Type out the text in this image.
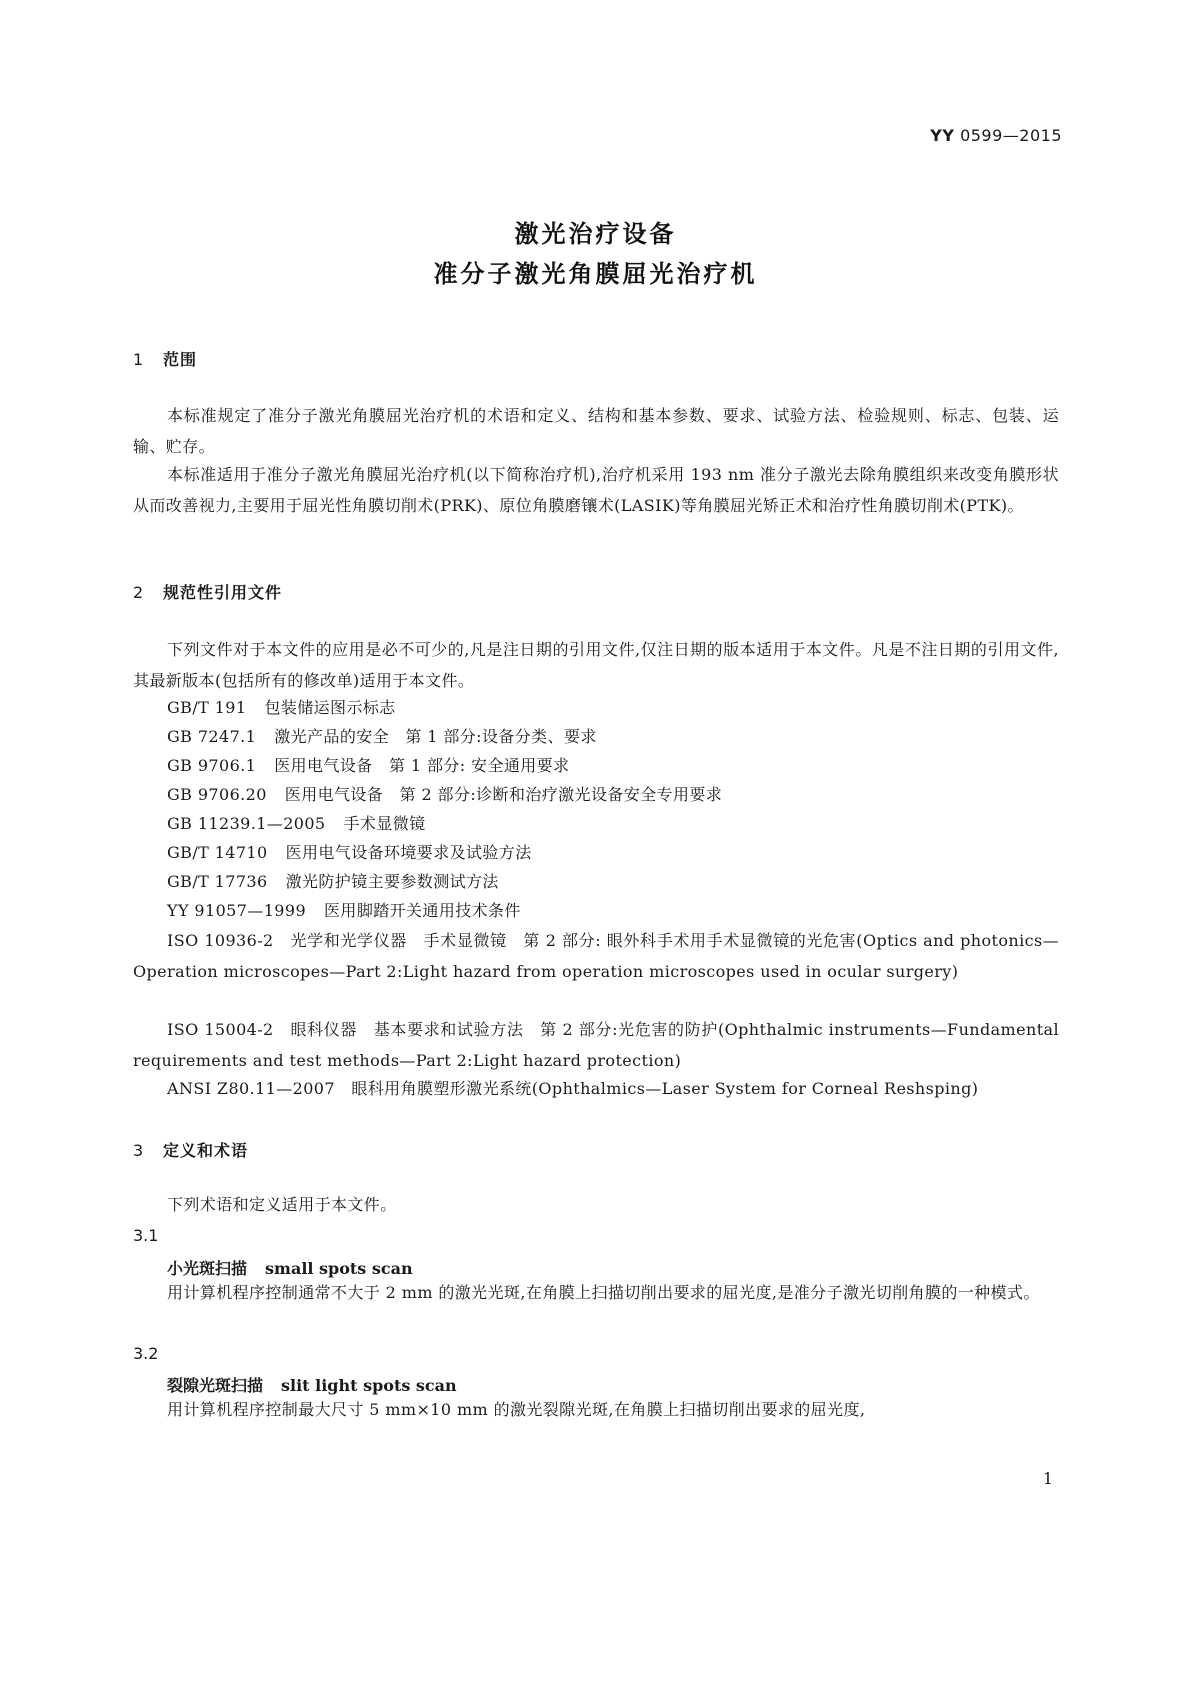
YY 0599—2015
激光治疗设备
准分子激光角膜屈光治疗机
1 范围
本标准规定了准分子激光角膜屈光治疗机的术语和定义、结构和基本参数、要求、试验方法、检验规则、标志、包装、运输、贮存。
本标准适用于准分子激光角膜屈光治疗机(以下简称治疗机),治疗机采用 193 nm 准分子激光去除角膜组织来改变角膜形状从而改善视力,主要用于屈光性角膜切削术(PRK)、原位角膜磨镶术(LASIK)等角膜屈光矫正术和治疗性角膜切削术(PTK)。
2 规范性引用文件
下列文件对于本文件的应用是必不可少的,凡是注日期的引用文件,仅注日期的版本适用于本文件。凡是不注日期的引用文件,其最新版本(包括所有的修改单)适用于本文件。
GB/T 191 包装储运图示标志
GB 7247.1 激光产品的安全　第 1 部分:设备分类、要求
GB 9706.1 医用电气设备　第 1 部分: 安全通用要求
GB 9706.20 医用电气设备　第 2 部分:诊断和治疗激光设备安全专用要求
GB 11239.1—2005 手术显微镜
GB/T 14710 医用电气设备环境要求及试验方法
GB/T 17736 激光防护镜主要参数测试方法
YY 91057—1999 医用脚踏开关通用技术条件
ISO 10936-2　光学和光学仪器　手术显微镜　第 2 部分: 眼外科手术用手术显微镜的光危害(Optics and photonics—Operation microscopes—Part 2:Light hazard from operation microscopes used in ocular surgery)
ISO 15004-2　眼科仪器　基本要求和试验方法　第 2 部分:光危害的防护(Ophthalmic instruments—Fundamental requirements and test methods—Part 2:Light hazard protection)
ANSI Z80.11—2007　眼科用角膜塑形激光系统(Ophthalmics—Laser System for Corneal Reshsping)
3 定义和术语
下列术语和定义适用于本文件。
3.1
小光斑扫描 small spots scan
用计算机程序控制通常不大于 2 mm 的激光光斑,在角膜上扫描切削出要求的屈光度,是准分子激光切削角膜的一种模式。
3.2
裂隙光斑扫描 slit light spots scan
用计算机程序控制最大尺寸 5 mm×10 mm 的激光裂隙光斑,在角膜上扫描切削出要求的屈光度,
1
